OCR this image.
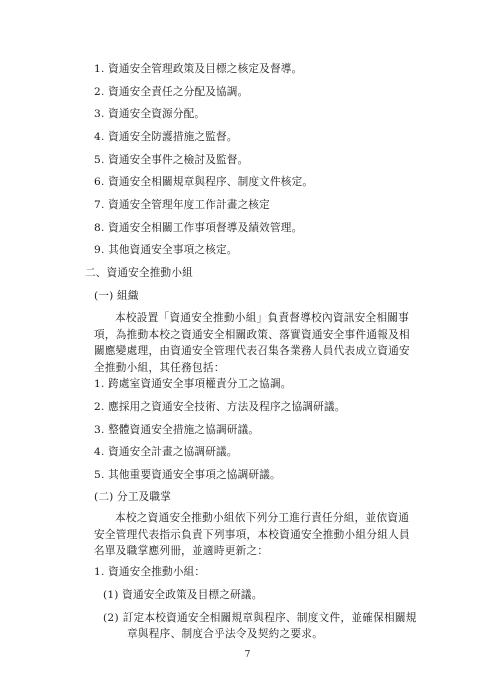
1. 資通安全管理政策及目標之核定及督導。
2. 資通安全責任之分配及協調。
3. 資通安全資源分配。
4. 資通安全防護措施之監督。
5. 資通安全事件之檢討及監督。
6. 資通安全相關規章與程序、制度文件核定。
7. 資通安全管理年度工作計畫之核定
8. 資通安全相關工作事項督導及績效管理。
9. 其他資通安全事項之核定。
二、資通安全推動小組
(一) 組織
本校設置「資通安全推動小組」負責督導校內資訊安全相關事項，為推動本校之資通安全相關政策、落實資通安全事件通報及相關應變處理，由資通安全管理代表召集各業務人員代表成立資通安全推動小組，其任務包括：
1. 跨處室資通安全事項權責分工之協調。
2. 應採用之資通安全技術、方法及程序之協調研議。
3. 整體資通安全措施之協調研議。
4. 資通安全計畫之協調研議。
5. 其他重要資通安全事項之協調研議。
(二) 分工及職掌
本校之資通安全推動小組依下列分工進行責任分組，並依資通安全管理代表指示負責下列事項，本校資通安全推動小組分組人員名單及職掌應列冊，並適時更新之：
1. 資通安全推動小組：
(1) 資通安全政策及目標之研議。
(2) 訂定本校資通安全相關規章與程序、制度文件，並確保相關規章與程序、制度合乎法令及契約之要求。
7
